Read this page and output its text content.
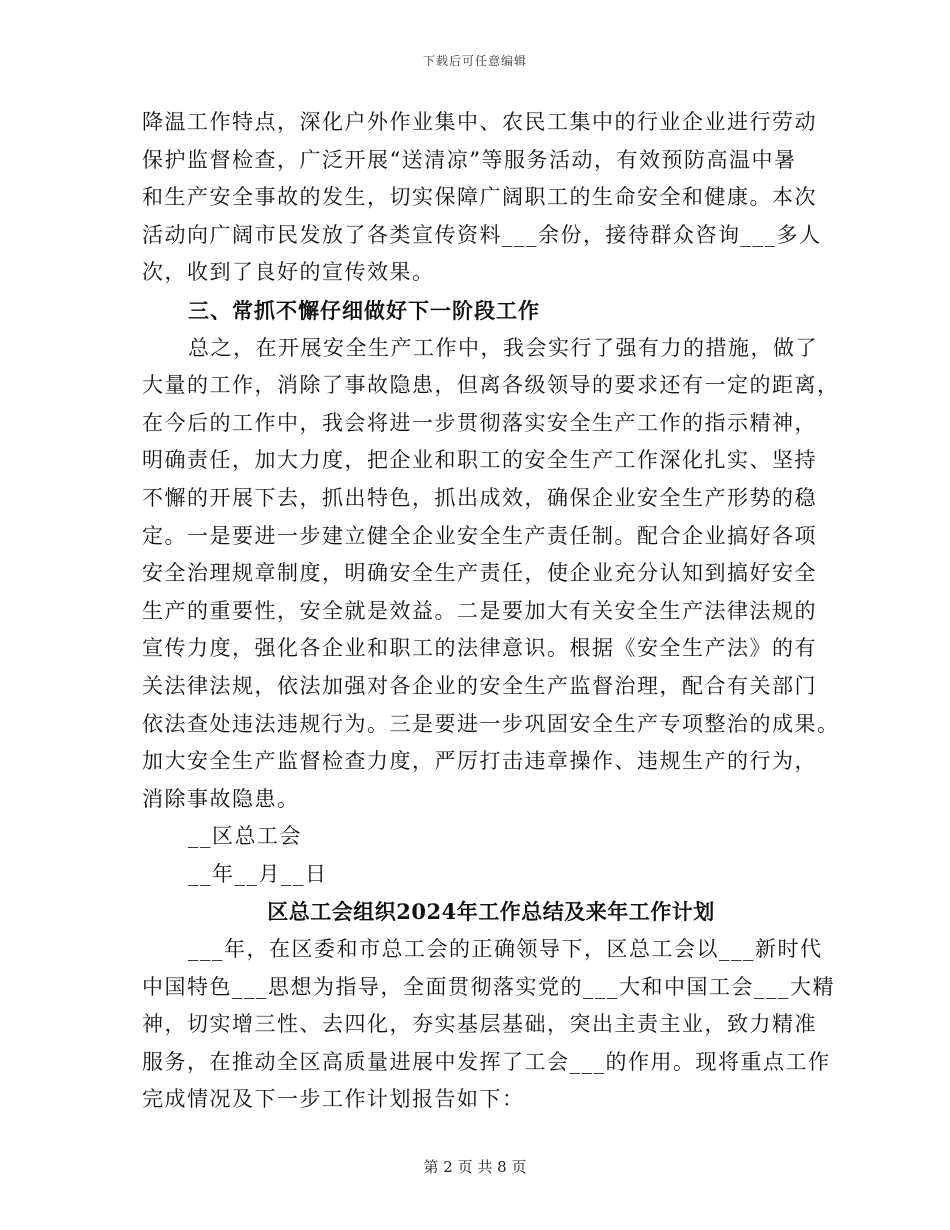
下载后可任意编辑
降温工作特点，深化户外作业集中、农民工集中的行业企业进行劳动
保护监督检查，广泛开展“送清凉”等服务活动，有效预防高温中暑
和生产安全事故的发生，切实保障广阔职工的生命安全和健康。本次
活动向广阔市民发放了各类宣传资料___余份，接待群众咨询___多人
次，收到了良好的宣传效果。
三、常抓不懈仔细做好下一阶段工作
总之，在开展安全生产工作中，我会实行了强有力的措施，做了
大量的工作，消除了事故隐患，但离各级领导的要求还有一定的距离，
在今后的工作中，我会将进一步贯彻落实安全生产工作的指示精神，
明确责任，加大力度，把企业和职工的安全生产工作深化扎实、坚持
不懈的开展下去，抓出特色，抓出成效，确保企业安全生产形势的稳
定。一是要进一步建立健全企业安全生产责任制。配合企业搞好各项
安全治理规章制度，明确安全生产责任，使企业充分认知到搞好安全
生产的重要性，安全就是效益。二是要加大有关安全生产法律法规的
宣传力度，强化各企业和职工的法律意识。根据《安全生产法》的有
关法律法规，依法加强对各企业的安全生产监督治理，配合有关部门
依法查处违法违规行为。三是要进一步巩固安全生产专项整治的成果。
加大安全生产监督检查力度，严厉打击违章操作、违规生产的行为，
消除事故隐患。
__区总工会
__年__月__日
区总工会组织2024年工作总结及来年工作计划
___年，在区委和市总工会的正确领导下，区总工会以___新时代
中国特色___思想为指导，全面贯彻落实党的___大和中国工会___大精
神，切实增三性、去四化，夯实基层基础，突出主责主业，致力精准
服务，在推动全区高质量进展中发挥了工会___的作用。现将重点工作
完成情况及下一步工作计划报告如下：
第 2 页 共 8 页
